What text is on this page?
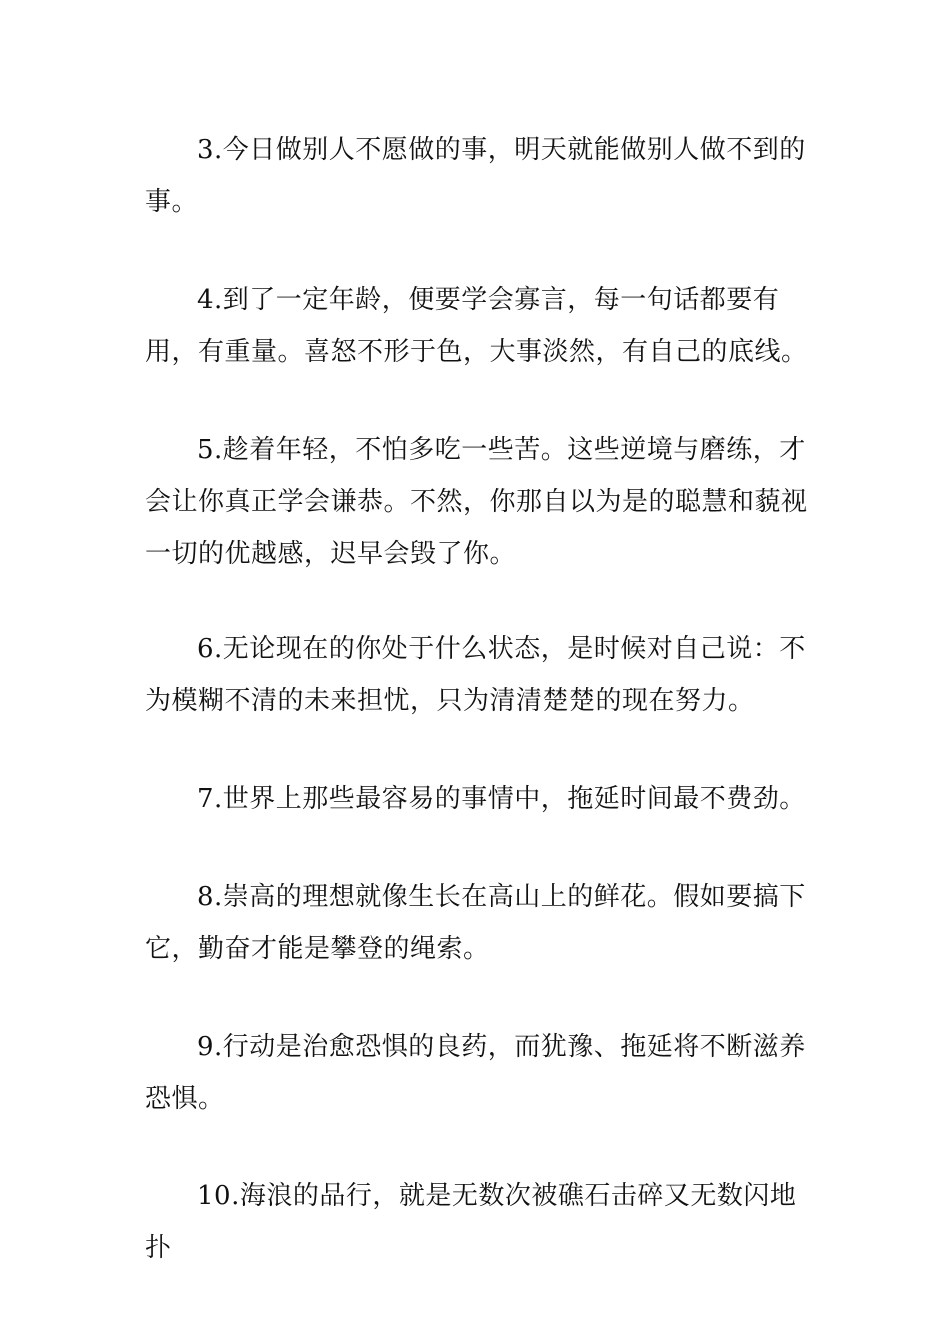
3.今日做别人不愿做的事，明天就能做别人做不到的事。

4.到了一定年龄，便要学会寡言，每一句话都要有用，有重量。喜怒不形于色，大事淡然，有自己的底线。

5.趁着年轻，不怕多吃一些苦。这些逆境与磨练，才会让你真正学会谦恭。不然，你那自以为是的聪慧和藐视一切的优越感，迟早会毁了你。

6.无论现在的你处于什么状态，是时候对自己说：不为模糊不清的未来担忧，只为清清楚楚的现在努力。

7.世界上那些最容易的事情中，拖延时间最不费劲。

8.崇高的理想就像生长在高山上的鲜花。假如要搞下它，勤奋才能是攀登的绳索。

9.行动是治愈恐惧的良药，而犹豫、拖延将不断滋养恐惧。

10.海浪的品行，就是无数次被礁石击碎又无数闪地扑
